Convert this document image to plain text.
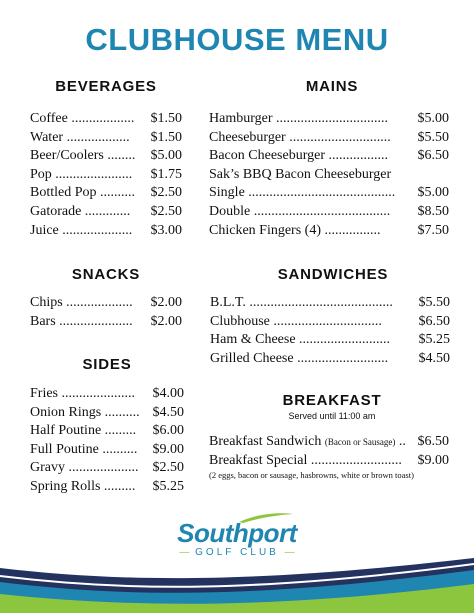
CLUBHOUSE MENU
BEVERAGES
Coffee .................. $1.50
Water .................. $1.50
Beer/Coolers ........ $5.00
Pop ...................... $1.75
Bottled Pop .......... $2.50
Gatorade ............. $2.50
Juice .................... $3.00
MAINS
Hamburger ................................ $5.00
Cheeseburger ............................. $5.50
Bacon Cheeseburger ................. $6.50
Sak’s BBQ Bacon Cheeseburger
Single .......................................... $5.00
Double ....................................... $8.50
Chicken Fingers (4) ................	$7.50
SNACKS
Chips ................... $2.00
Bars ..................... $2.00
SANDWICHES
B.L.T. ......................................... $5.50
Clubhouse ...............................	$6.50
Ham & Cheese .......................... $5.25
Grilled Cheese .......................... $4.50
SIDES
Fries ..................... $4.00
Onion Rings .......... $4.50
Half Poutine ......... $6.00
Full Poutine .......... $9.00
Gravy .................... $2.50
Spring Rolls ......... $5.25
BREAKFAST
Served until 11:00 am
Breakfast Sandwich (Bacon or Sausage) .. $6.50
Breakfast Special .......................... $9.00
(2 eggs, bacon or sausage, hasbrowns, white or brown toast)
Southport
— GOLF CLUB —
